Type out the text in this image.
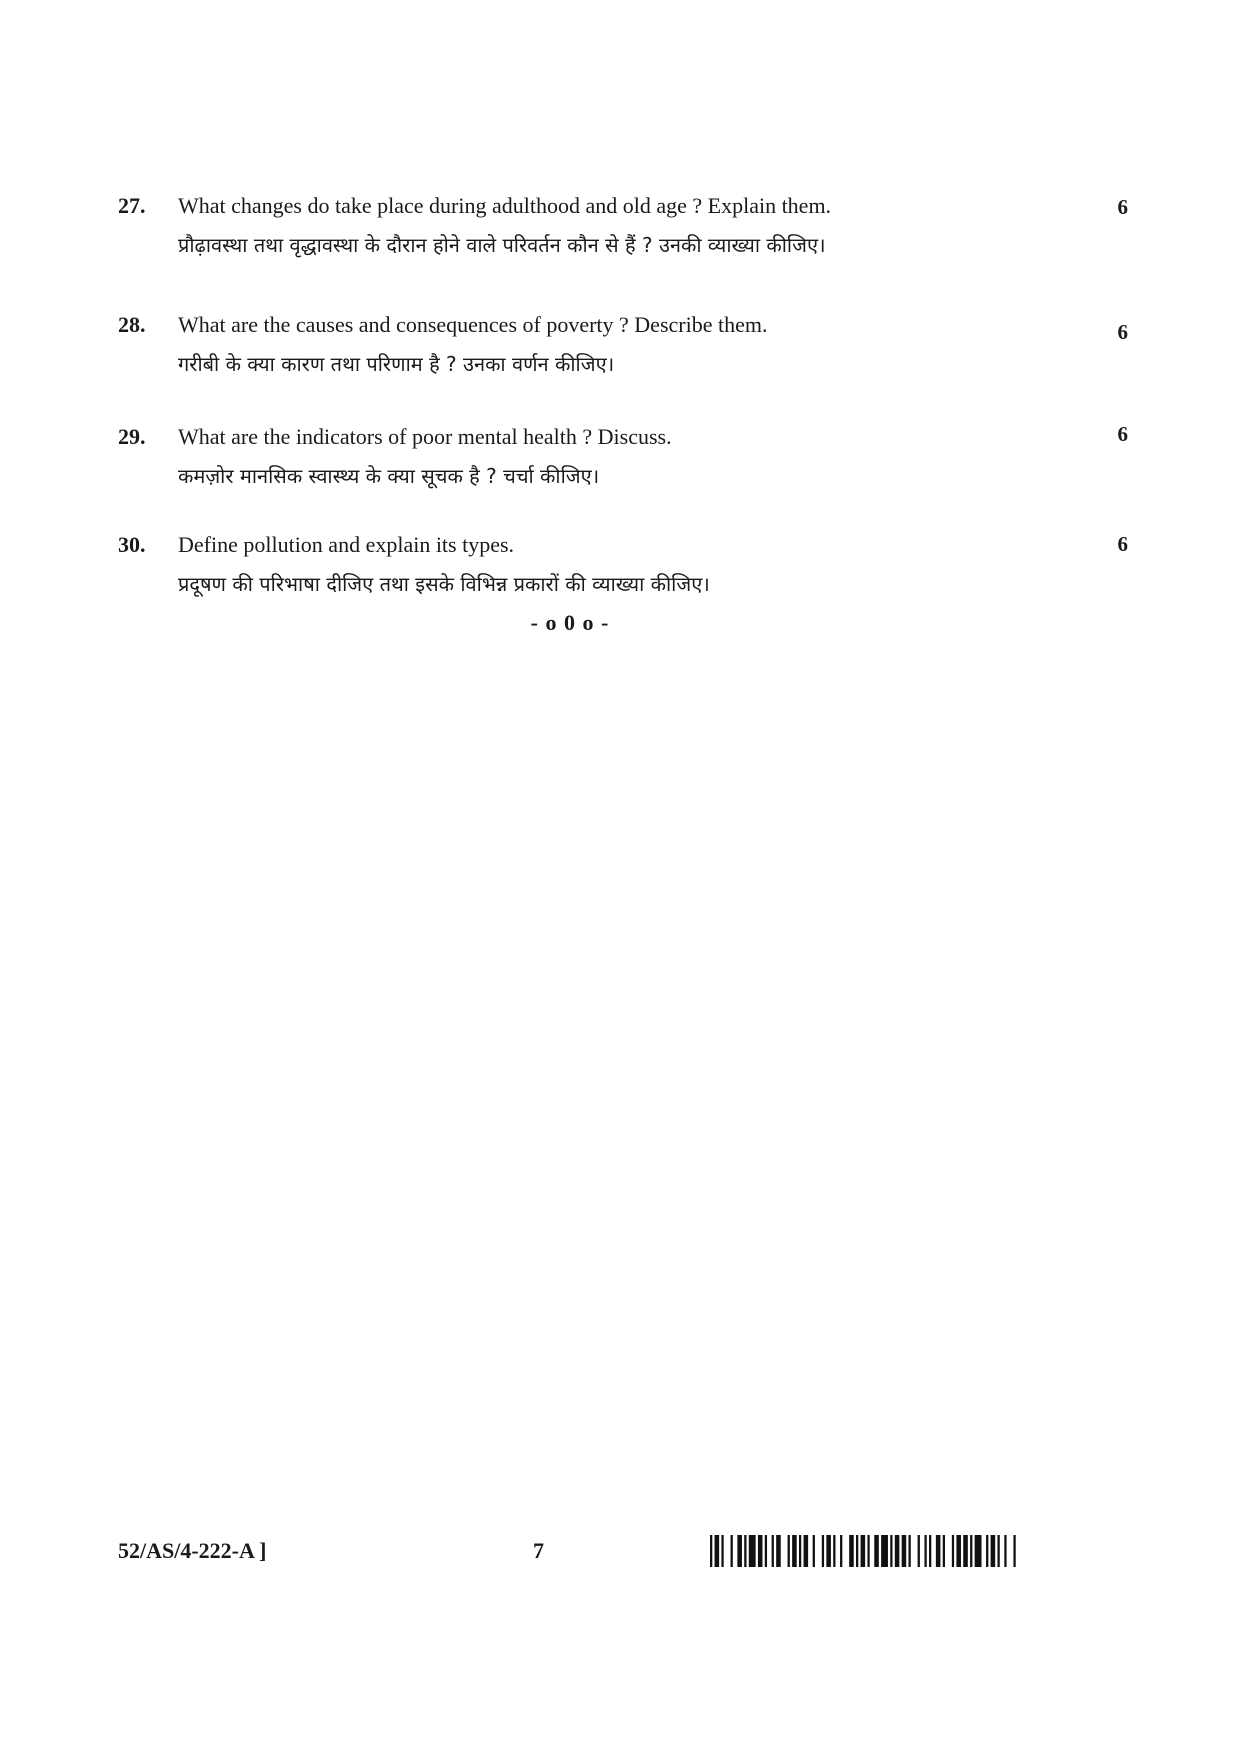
27. What changes do take place during adulthood and old age ? Explain them.
प्रौढ़ावस्था तथा वृद्धावस्था के दौरान होने वाले परिवर्तन कौन से हैं ? उनकी व्याख्या कीजिए।
6
28. What are the causes and consequences of poverty ? Describe them.
गरीबी के क्या कारण तथा परिणाम है ? उनका वर्णन कीजिए।
6
29. What are the indicators of poor mental health ? Discuss.
कमज़ोर मानसिक स्वास्थ्य के क्या सूचक है ? चर्चा कीजिए।
6
30. Define pollution and explain its types.
प्रदूषण की परिभाषा दीजिए तथा इसके विभिन्न प्रकारों की व्याख्या कीजिए।
6
- o 0 o -
52/AS/4-222-A ]	7
